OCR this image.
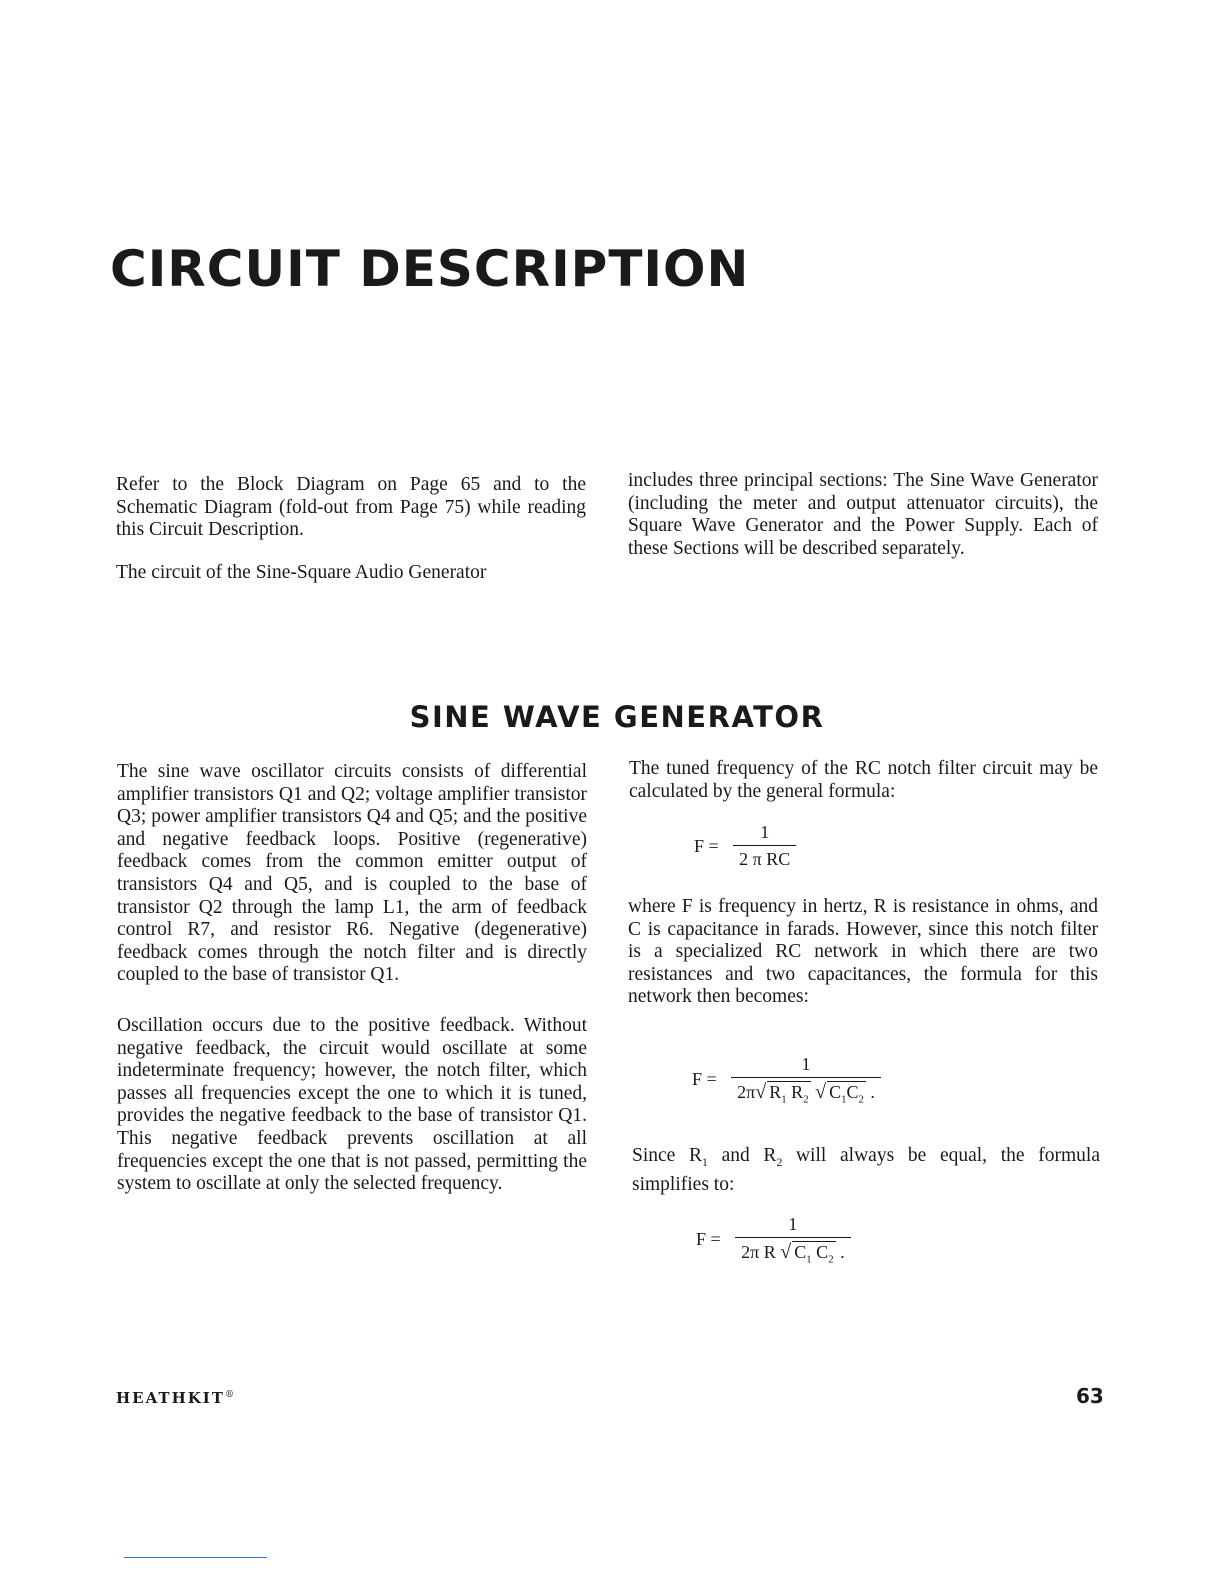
CIRCUIT DESCRIPTION

Refer to the Block Diagram on Page 65 and to the Schematic Diagram (fold-out from Page 75) while reading this Circuit Description.

The circuit of the Sine-Square Audio Generator

includes three principal sections: The Sine Wave Generator (including the meter and output attenuator circuits), the Square Wave Generator and the Power Supply. Each of these Sections will be described separately.
SINE WAVE GENERATOR

The sine wave oscillator circuits consists of differential amplifier transistors Q1 and Q2; voltage amplifier transistor Q3; power amplifier transistors Q4 and Q5; and the positive and negative feedback loops. Positive (regenerative) feedback comes from the common emitter output of transistors Q4 and Q5, and is coupled to the base of transistor Q2 through the lamp L1, the arm of feedback control R7, and resistor R6. Negative (degenerative) feedback comes through the notch filter and is directly coupled to the base of transistor Q1.

Oscillation occurs due to the positive feedback. Without negative feedback, the circuit would oscillate at some indeterminate frequency; however, the notch filter, which passes all frequencies except the one to which it is tuned, provides the negative feedback to the base of transistor Q1. This negative feedback prevents oscillation at all frequencies except the one that is not passed, permitting the system to oscillate at only the selected frequency.

The tuned frequency of the RC notch filter circuit may be calculated by the general formula:
$F = \frac{1}{\text{2 π RC}}$
where F is frequency in hertz, R is resistance in ohms, and C is capacitance in farads. However, since this notch filter is a specialized RC network in which there are two resistances and two capacitances, the formula for this network then becomes:
$F = \frac{1}{2\pi√ R_1 R_2 √ C_1C_2 .}$
Since $R_1$ and $R_2$ will always be equal, the formula simplifies to:
$F = \frac{1}{2\pi R √ C_1 C_2 .}$
HEATHKIT®	63
